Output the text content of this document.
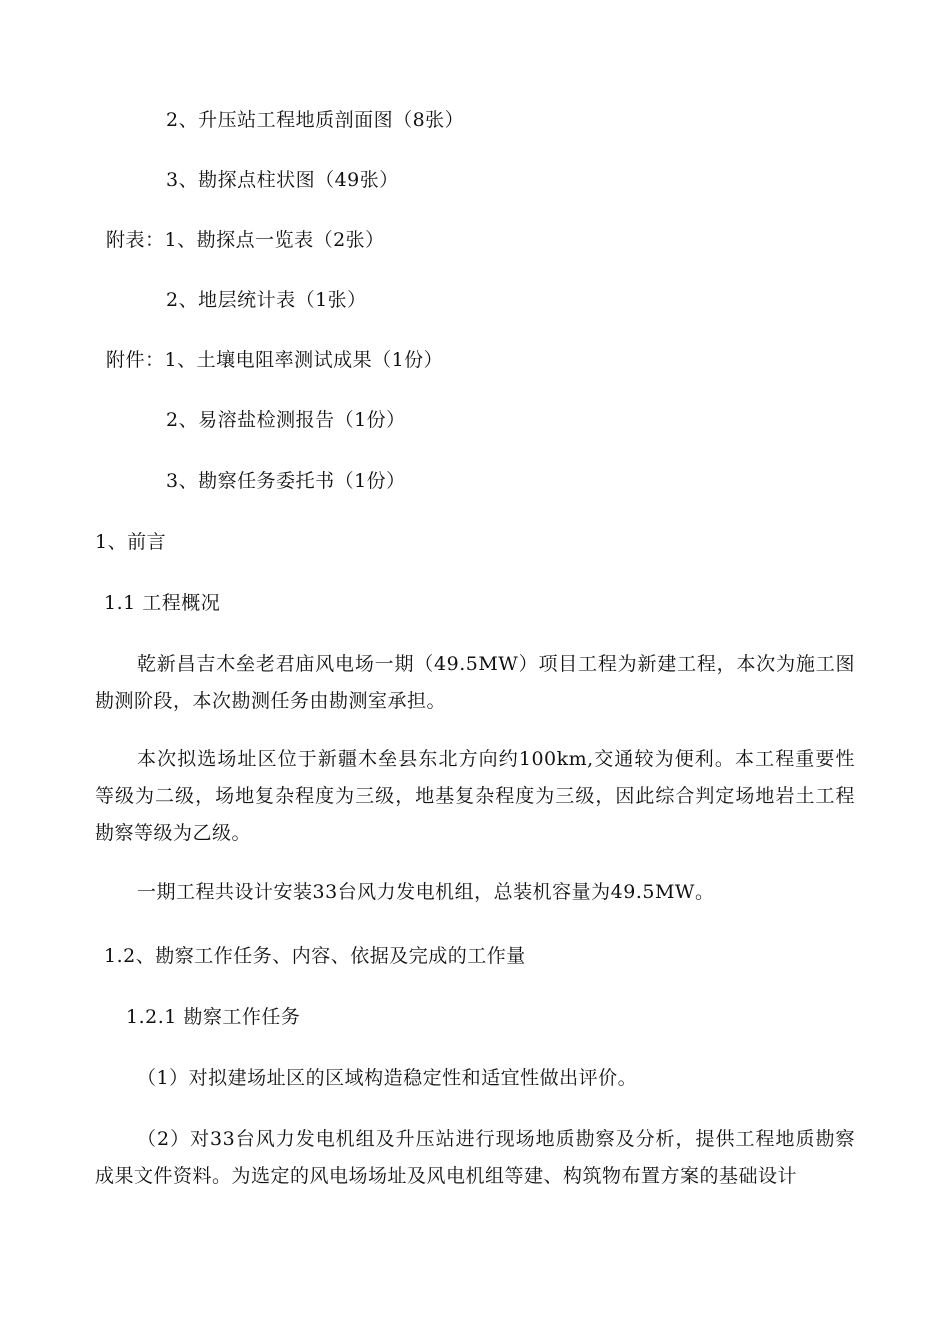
2、升压站工程地质剖面图（8张）
3、勘探点柱状图（49张）
附表：1、勘探点一览表（2张）
2、地层统计表（1张）
附件：1、土壤电阻率测试成果（1份）
2、易溶盐检测报告（1份）
3、勘察任务委托书（1份）
1、前言
1.1 工程概况
乾新昌吉木垒老君庙风电场一期（49.5MW）项目工程为新建工程，本次为施工图勘测阶段，本次勘测任务由勘测室承担。
本次拟选场址区位于新疆木垒县东北方向约100km,交通较为便利。本工程重要性等级为二级，场地复杂程度为三级，地基复杂程度为三级，因此综合判定场地岩土工程勘察等级为乙级。
一期工程共设计安装33台风力发电机组，总装机容量为49.5MW。
1.2、勘察工作任务、内容、依据及完成的工作量
1.2.1 勘察工作任务
（1）对拟建场址区的区域构造稳定性和适宜性做出评价。
（2）对33台风力发电机组及升压站进行现场地质勘察及分析，提供工程地质勘察成果文件资料。为选定的风电场场址及风电机组等建、构筑物布置方案的基础设计
